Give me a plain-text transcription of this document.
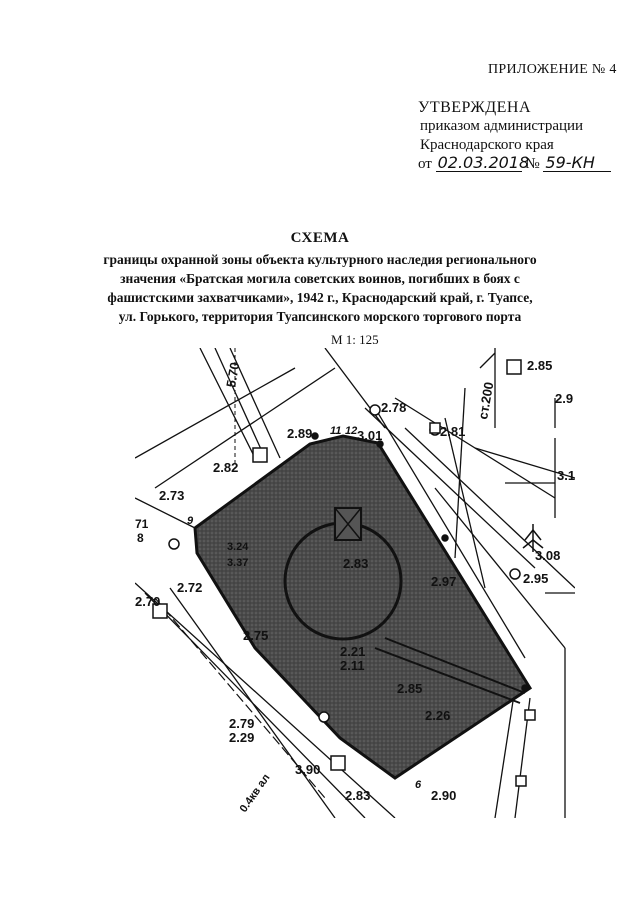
ПРИЛОЖЕНИЕ № 4
УТВЕРЖДЕНА
приказом администрации
Краснодарского края
от 02.03.2018 № 59-КН
СХЕМА
границы охранной зоны объекта культурного наследия регионального
значения «Братская могила советских воинов, погибших в боях с
фашистскими захватчиками», 1942 г., Краснодарский край, г. Туапсе,
ул. Горького, территория Туапсинского морского торгового порта
М 1: 125
2.85
2.9
2.78
2.89	3.01	2.81
2.82
3.1
2.73
3.08
3.24
3.37	2.83
2.72	2.97	2.95
2.70
2.75
2.21
2.11
2.85
2.26
2.79
2.29
3.90
2.83	2.90
ст.200
5.70
0.4кв ал
71
8
9
11 12
6
